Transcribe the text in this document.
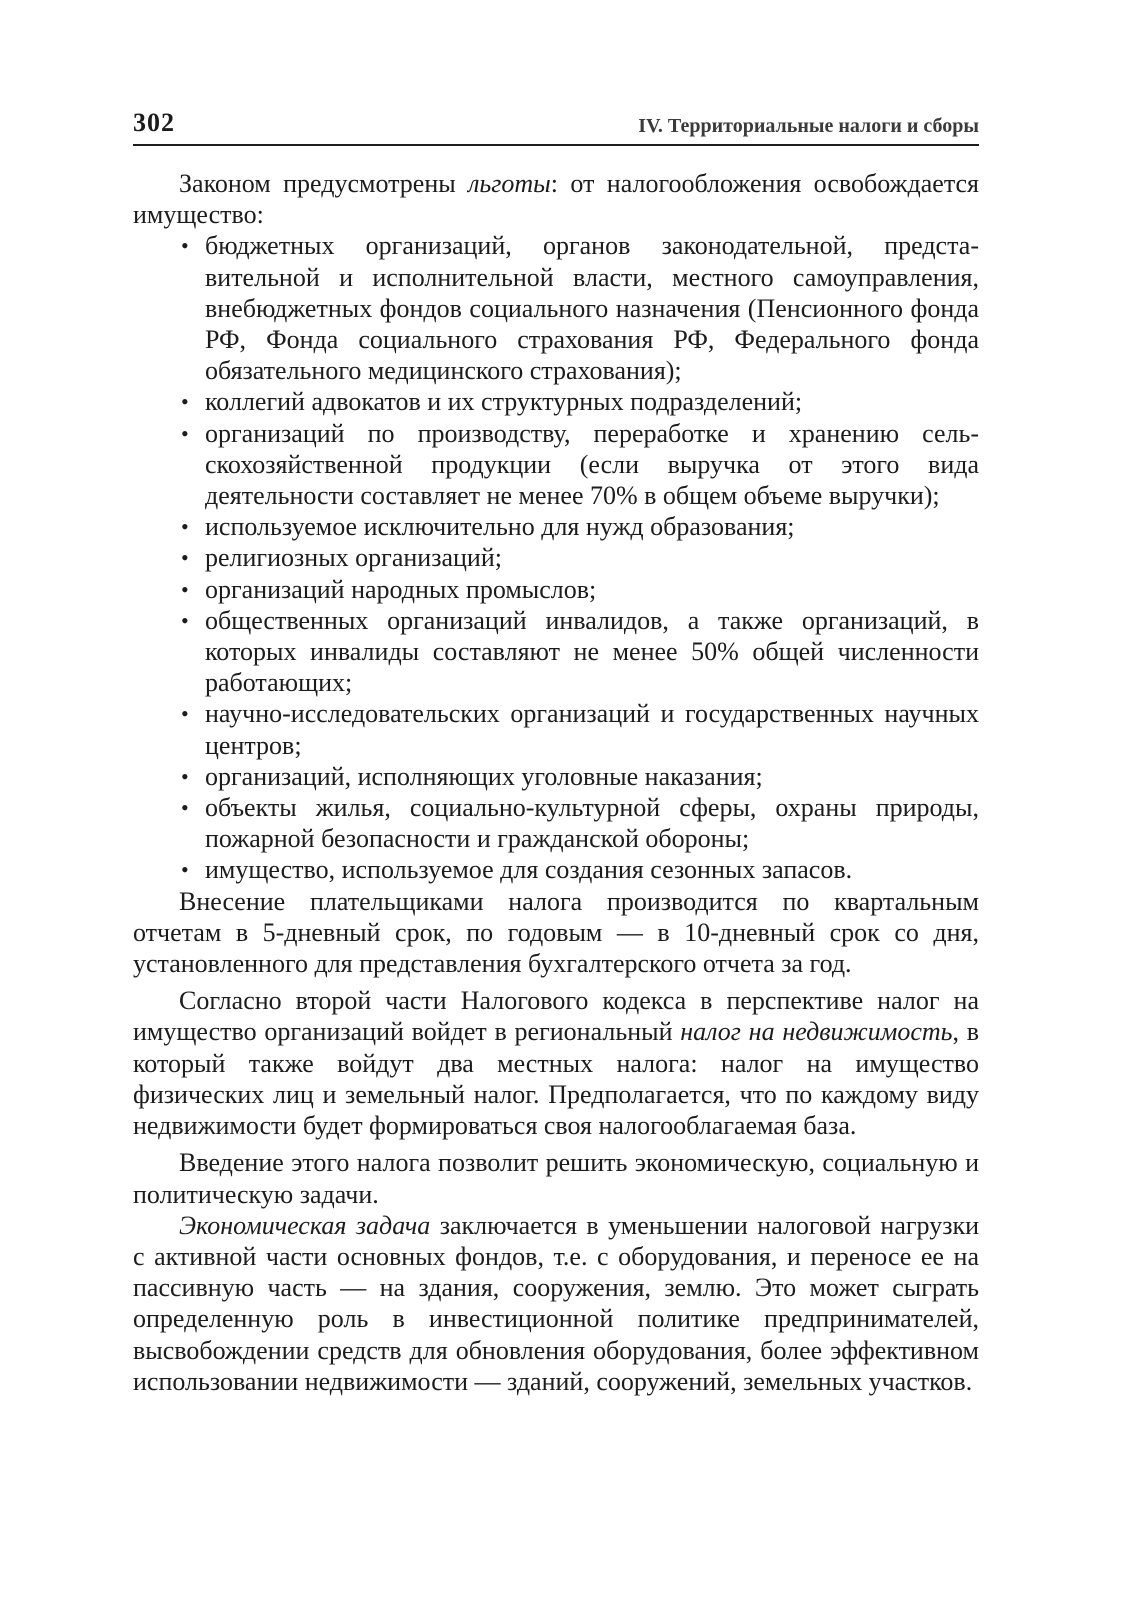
302	IV. Территориальные налоги и сборы

Законом предусмотрены льготы: от налогообложения освобождается имущество:

• бюджетных организаций, органов законодательной, представительной и исполнительной власти, местного самоуправления, внебюджетных фондов социального назначения (Пенсионного фонда РФ, Фонда социального страхования РФ, Федерального фонда обязательного медицинского страхования);
• коллегий адвокатов и их структурных подразделений;
• организаций по производству, переработке и хранению сельскохозяйственной продукции (если выручка от этого вида деятельности составляет не менее 70% в общем объеме выручки);
• используемое исключительно для нужд образования;
• религиозных организаций;
• организаций народных промыслов;
• общественных организаций инвалидов, а также организаций, в которых инвалиды составляют не менее 50% общей численности работающих;
• научно-исследовательских организаций и государственных научных центров;
• организаций, исполняющих уголовные наказания;
• объекты жилья, социально-культурной сферы, охраны природы, пожарной безопасности и гражданской обороны;
• имущество, используемое для создания сезонных запасов.

Внесение плательщиками налога производится по квартальным отчетам в 5-дневный срок, по годовым — в 10-дневный срок со дня, установленного для представления бухгалтерского отчета за год.

Согласно второй части Налогового кодекса в перспективе налог на имущество организаций войдет в региональный налог на недвижимость, в который также войдут два местных налога: налог на имущество физических лиц и земельный налог. Предполагается, что по каждому виду недвижимости будет формироваться своя налогооблагаемая база.

Введение этого налога позволит решить экономическую, социальную и политическую задачи.

Экономическая задача заключается в уменьшении налоговой нагрузки с активной части основных фондов, т.е. с оборудования, и переносе ее на пассивную часть — на здания, сооружения, землю. Это может сыграть определенную роль в инвестиционной политике предпринимателей, высвобождении средств для обновления оборудования, более эффективном использовании недвижимости — зданий, сооружений, земельных участков.
